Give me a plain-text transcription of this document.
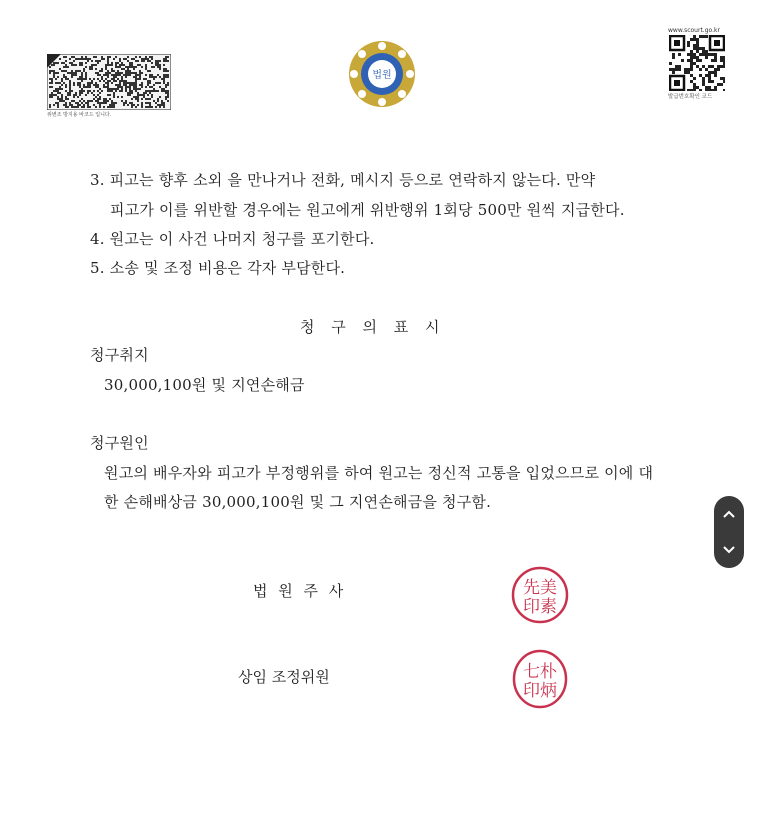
위변조 방지용 바코드 입니다.
법원
www.scourt.go.kr
발급번호확인 코드
3. 피고는 향후 소외 을 만나거나 전화, 메시지 등으로 연락하지 않는다. 만약
피고가 이를 위반할 경우에는 원고에게 위반행위 1회당 500만 원씩 지급한다.
4. 원고는 이 사건 나머지 청구를 포기한다.
5. 소송 및 조정 비용은 각자 부담한다.
청 구 의 표 시
청구취지
30,000,100원 및 지연손해금
청구원인
원고의 배우자와 피고가 부정행위를 하여 원고는 정신적 고통을 입었으므로 이에 대
한 손해배상금 30,000,100원 및 그 지연손해금을 청구함.
법 원 주 사	先美
印素
상임 조정위원	七朴
印炳
